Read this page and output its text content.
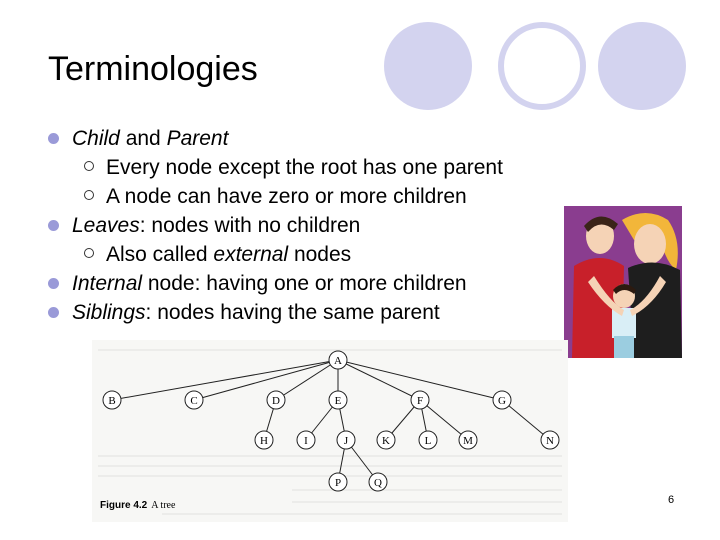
Terminologies
Child and Parent
Every node except the root has one parent
A node can have zero or more children
Leaves: nodes with no children
Also called external nodes
Internal node: having one or more children
Siblings: nodes having the same parent
A
B	C	D	E	F	G
H	I	J	K	L	M	N
P	Q
Figure 4.2 A tree	6
